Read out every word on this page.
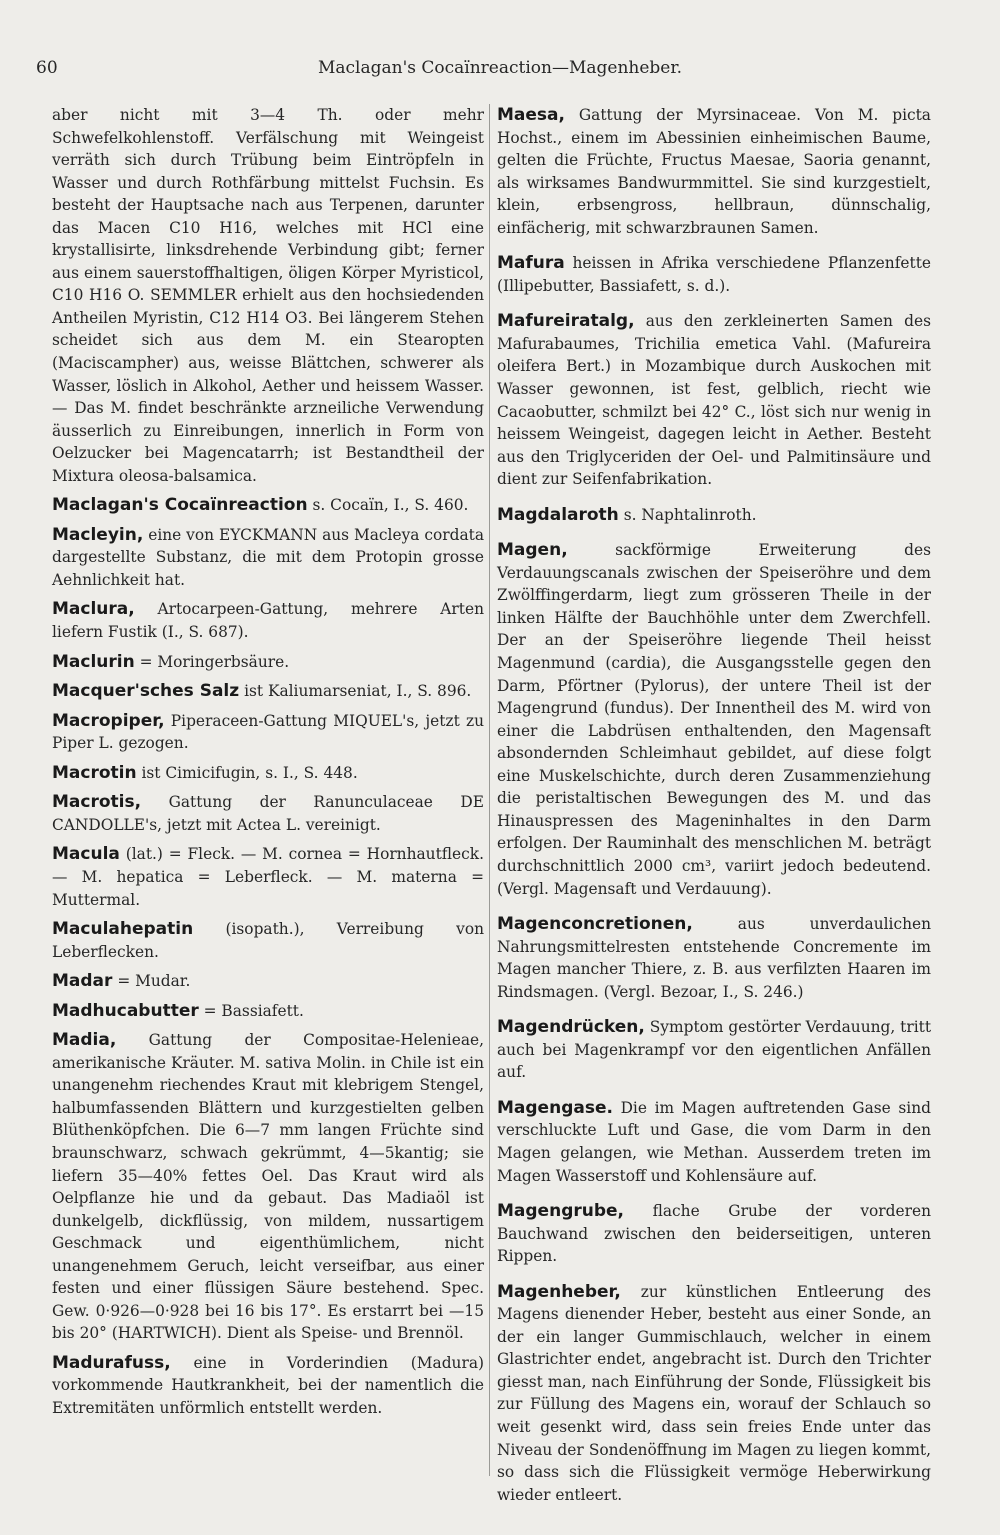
60	Maclagan's Cocaïnreaction—Magenheber.

aber nicht mit 3—4 Th. oder mehr Schwefelkohlenstoff. Verfälschung mit Weingeist verräth sich durch Trübung beim Eintröpfeln in Wasser und durch Rothfärbung mittelst Fuchsin. Es besteht der Hauptsache nach aus Terpenen, darunter das Macen C10 H16, welches mit HCl eine krystallisirte, linksdrehende Verbindung gibt; ferner aus einem sauerstoffhaltigen, öligen Körper Myristicol, C10 H16 O. SEMMLER erhielt aus den hochsiedenden Antheilen Myristin, C12 H14 O3. Bei längerem Stehen scheidet sich aus dem M. ein Stearopten (Maciscampher) aus, weisse Blättchen, schwerer als Wasser, löslich in Alkohol, Aether und heissem Wasser. — Das M. findet beschränkte arzneiliche Verwendung äusserlich zu Einreibungen, innerlich in Form von Oelzucker bei Magencatarrh; ist Bestandtheil der Mixtura oleosa-balsamica.

Maclagan's Cocaïnreaction s. Cocaïn, I., S. 460.

Macleyin, eine von EYCKMANN aus Macleya cordata dargestellte Substanz, die mit dem Protopin grosse Aehnlichkeit hat.

Maclura, Artocarpeen-Gattung, mehrere Arten liefern Fustik (I., S. 687).

Maclurin = Moringerbsäure.

Macquer'sches Salz ist Kaliumarseniat, I., S. 896.

Macropiper, Piperaceen-Gattung MIQUEL's, jetzt zu Piper L. gezogen.

Macrotin ist Cimicifugin, s. I., S. 448.

Macrotis, Gattung der Ranunculaceae DE CANDOLLE's, jetzt mit Actea L. vereinigt.

Macula (lat.) = Fleck. — M. cornea = Hornhautfleck. — M. hepatica = Leberfleck. — M. materna = Muttermal.

Maculahepatin (isopath.), Verreibung von Leberflecken.

Madar = Mudar.

Madhucabutter = Bassiafett.

Madia, Gattung der Compositae-Helenieae, amerikanische Kräuter. M. sativa Molin. in Chile ist ein unangenehm riechendes Kraut mit klebrigem Stengel, halbumfassenden Blättern und kurzgestielten gelben Blüthenköpfchen. Die 6—7 mm langen Früchte sind braunschwarz, schwach gekrümmt, 4—5kantig; sie liefern 35—40% fettes Oel. Das Kraut wird als Oelpflanze hie und da gebaut. Das Madiaöl ist dunkelgelb, dickflüssig, von mildem, nussartigem Geschmack und eigenthümlichem, nicht unangenehmem Geruch, leicht verseifbar, aus einer festen und einer flüssigen Säure bestehend. Spec. Gew. 0·926—0·928 bei 16 bis 17°. Es erstarrt bei —15 bis 20° (HARTWICH). Dient als Speise- und Brennöl.

Madurafuss, eine in Vorderindien (Madura) vorkommende Hautkrankheit, bei der namentlich die Extremitäten unförmlich entstellt werden.

Maesa, Gattung der Myrsinaceae. Von M. picta Hochst., einem im Abessinien einheimischen Baume, gelten die Früchte, Fructus Maesae, Saoria genannt, als wirksames Bandwurmmittel. Sie sind kurzgestielt, klein, erbsengross, hellbraun, dünnschalig, einfächerig, mit schwarzbraunen Samen.

Mafura heissen in Afrika verschiedene Pflanzenfette (Illipebutter, Bassiafett, s. d.).

Mafureiratalg, aus den zerkleinerten Samen des Mafurabaumes, Trichilia emetica Vahl. (Mafureira oleifera Bert.) in Mozambique durch Auskochen mit Wasser gewonnen, ist fest, gelblich, riecht wie Cacaobutter, schmilzt bei 42° C., löst sich nur wenig in heissem Weingeist, dagegen leicht in Aether. Besteht aus den Triglyceriden der Oel- und Palmitinsäure und dient zur Seifenfabrikation.

Magdalaroth s. Naphtalinroth.

Magen, sackförmige Erweiterung des Verdauungscanals zwischen der Speiseröhre und dem Zwölffingerdarm, liegt zum grösseren Theile in der linken Hälfte der Bauchhöhle unter dem Zwerchfell. Der an der Speiseröhre liegende Theil heisst Magenmund (cardia), die Ausgangsstelle gegen den Darm, Pförtner (Pylorus), der untere Theil ist der Magengrund (fundus). Der Innentheil des M. wird von einer die Labdrüsen enthaltenden, den Magensaft absondernden Schleimhaut gebildet, auf diese folgt eine Muskelschichte, durch deren Zusammenziehung die peristaltischen Bewegungen des M. und das Hinauspressen des Mageninhaltes in den Darm erfolgen. Der Rauminhalt des menschlichen M. beträgt durchschnittlich 2000 cm³, variirt jedoch bedeutend. (Vergl. Magensaft und Verdauung).

Magenconcretionen, aus unverdaulichen Nahrungsmittelresten entstehende Concremente im Magen mancher Thiere, z. B. aus verfilzten Haaren im Rindsmagen. (Vergl. Bezoar, I., S. 246.)

Magendrücken, Symptom gestörter Verdauung, tritt auch bei Magenkrampf vor den eigentlichen Anfällen auf.

Magengase. Die im Magen auftretenden Gase sind verschluckte Luft und Gase, die vom Darm in den Magen gelangen, wie Methan. Ausserdem treten im Magen Wasserstoff und Kohlensäure auf.

Magengrube, flache Grube der vorderen Bauchwand zwischen den beiderseitigen, unteren Rippen.

Magenheber, zur künstlichen Entleerung des Magens dienender Heber, besteht aus einer Sonde, an der ein langer Gummischlauch, welcher in einem Glastrichter endet, angebracht ist. Durch den Trichter giesst man, nach Einführung der Sonde, Flüssigkeit bis zur Füllung des Magens ein, worauf der Schlauch so weit gesenkt wird, dass sein freies Ende unter das Niveau der Sondenöffnung im Magen zu liegen kommt, so dass sich die Flüssigkeit vermöge Heberwirkung wieder entleert.
